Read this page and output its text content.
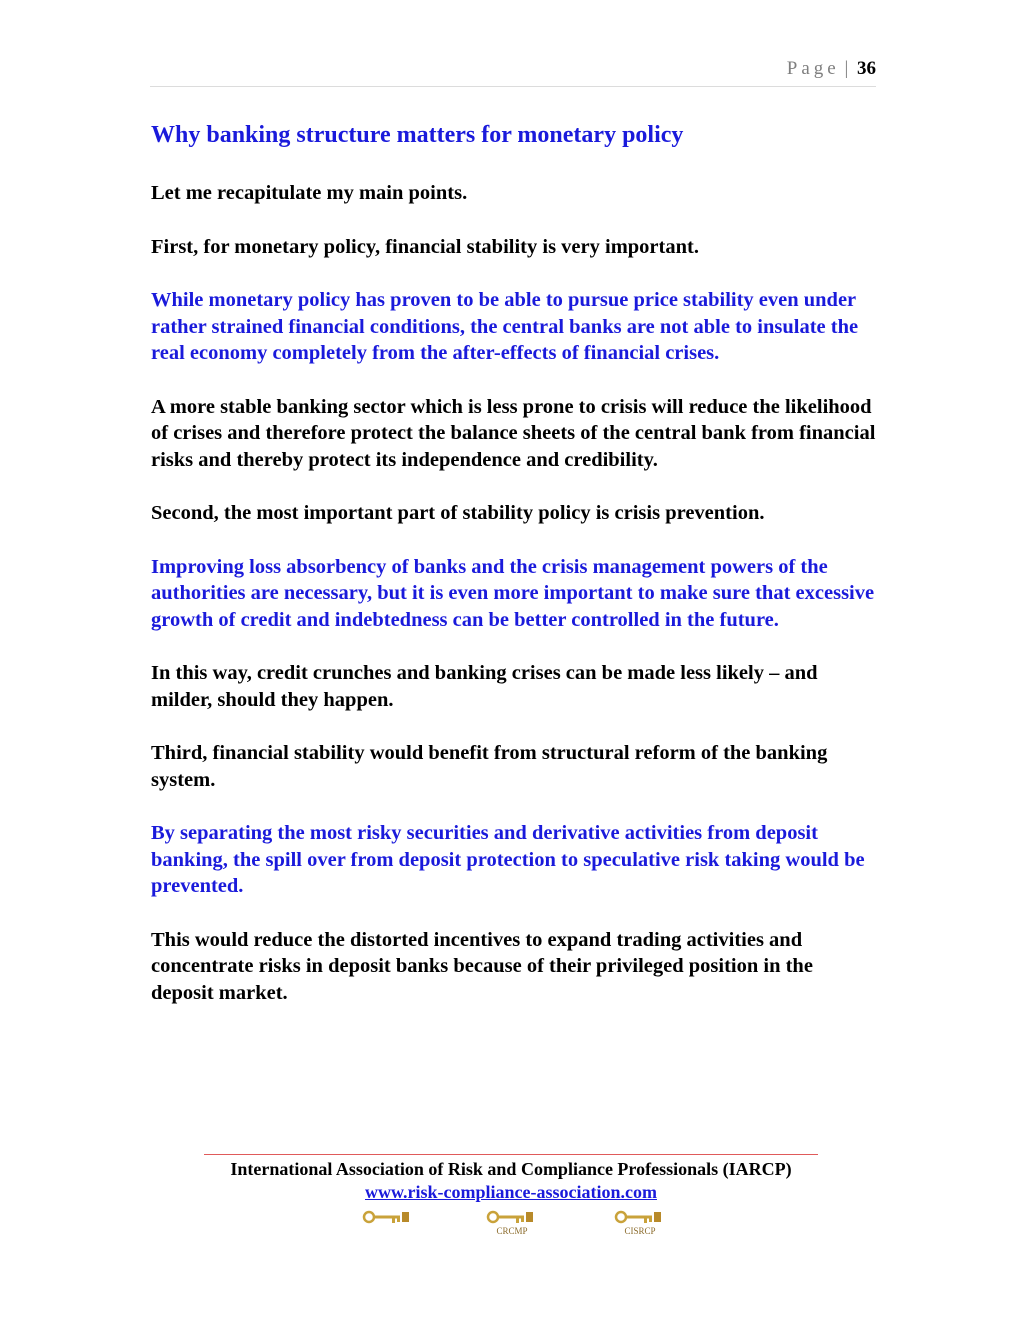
Page | 36
Why banking structure matters for monetary policy

Let me recapitulate my main points.

First, for monetary policy, financial stability is very important.

While monetary policy has proven to be able to pursue price stability even under rather strained financial conditions, the central banks are not able to insulate the real economy completely from the after-effects of financial crises.

A more stable banking sector which is less prone to crisis will reduce the likelihood of crises and therefore protect the balance sheets of the central bank from financial risks and thereby protect its independence and credibility.

Second, the most important part of stability policy is crisis prevention.

Improving loss absorbency of banks and the crisis management powers of the authorities are necessary, but it is even more important to make sure that excessive growth of credit and indebtedness can be better controlled in the future.

In this way, credit crunches and banking crises can be made less likely – and milder, should they happen.

Third, financial stability would benefit from structural reform of the banking system.

By separating the most risky securities and derivative activities from deposit banking, the spill over from deposit protection to speculative risk taking would be prevented.

This would reduce the distorted incentives to expand trading activities and concentrate risks in deposit banks because of their privileged position in the deposit market.

International Association of Risk and Compliance Professionals (IARCP)
www.risk-compliance-association.com
CRCMP	CISRCP
